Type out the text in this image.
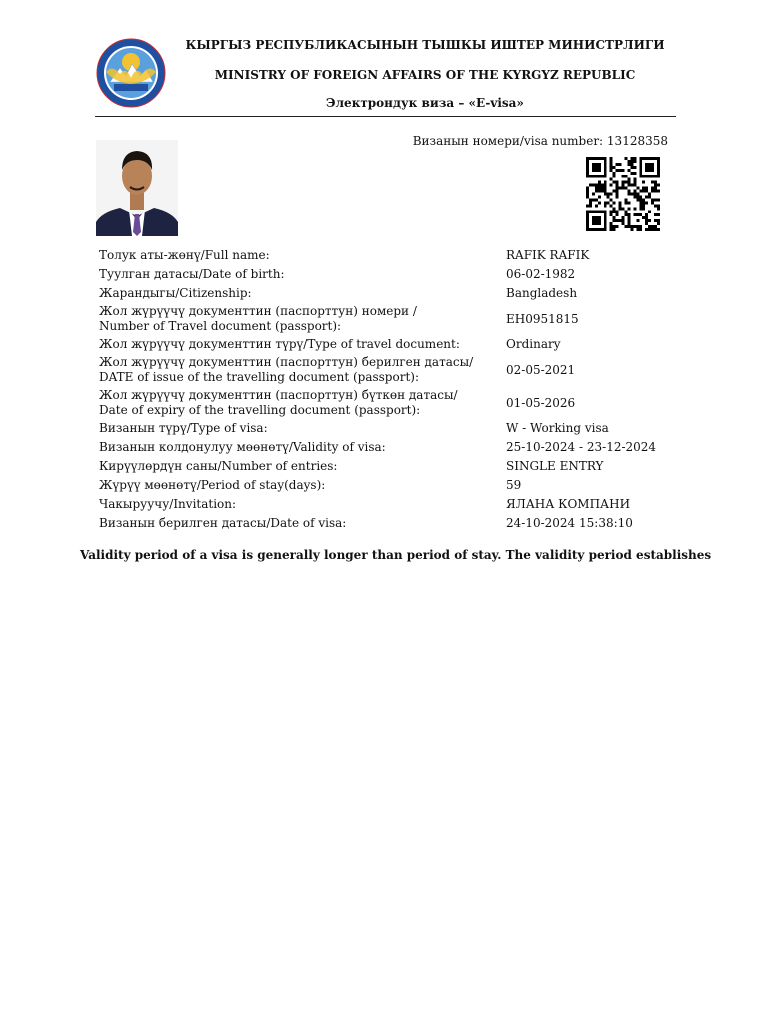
КЫРГЫЗ РЕСПУБЛИКАСЫНЫН ТЫШКЫ ИШТЕР МИНИСТРЛИГИ
MINISTRY OF FOREIGN AFFAIRS OF THE KYRGYZ REPUBLIC
Электрондук виза – «E-visa»
Визанын номери/visa number: 13128358
Толук аты-жөнү/Full name:	RAFIK RAFIK
Туулган датасы/Date of birth:	06-02-1982
Жарандыгы/Citizenship:	Bangladesh
Жол жүрүүчү документтин (паспорттун) номери /
Number of Travel document (passport):	EH0951815
Жол жүрүүчү документтин түрү/Type of travel document:	Ordinary
Жол жүрүүчү документтин (паспорттун) берилген датасы/
DATE of issue of the travelling document (passport):	02-05-2021
Жол жүрүүчү документтин (паспорттун) бүткөн датасы/
Date of expiry of the travelling document (passport):	01-05-2026
Визанын түрү/Type of visa:	W - Working visa
Визанын колдонулуу мөөнөтү/Validity of visa:	25-10-2024 - 23-12-2024
Кирүүлөрдүн саны/Number of entries:	SINGLE ENTRY
Жүрүү мөөнөтү/Period of stay(days):	59
Чакыруучу/Invitation:	ЯЛАНА КОМПАНИ
Визанын берилген датасы/Date of visa:	24-10-2024 15:38:10
Validity period of a visa is generally longer than period of stay. The validity period establishes
